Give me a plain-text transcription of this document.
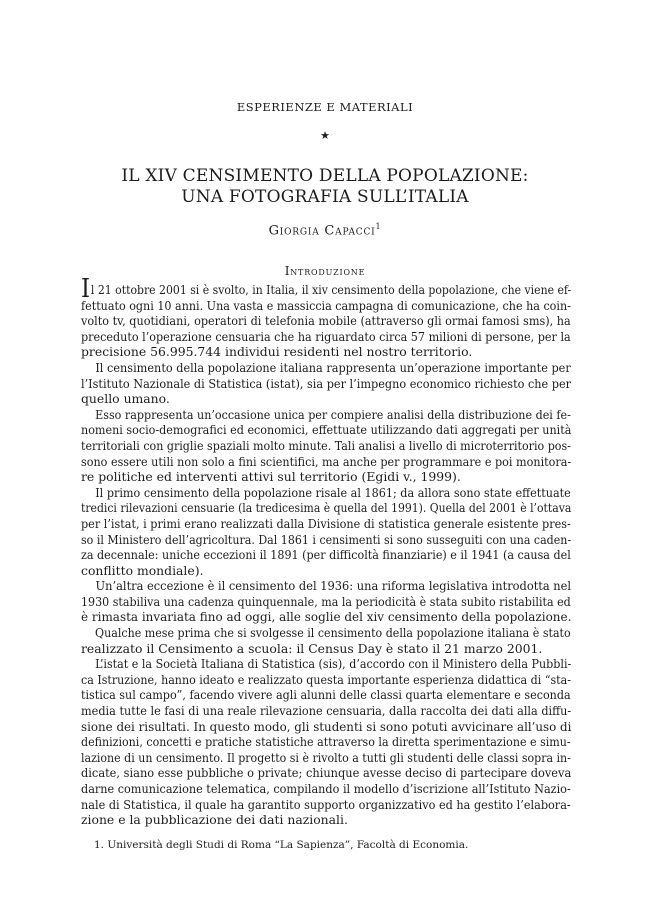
ESPERIENZE E MATERIALI
★
IL XIV CENSIMENTO DELLA POPOLAZIONE:
UNA FOTOGRAFIA SULL’ITALIA
Giorgia Capacci$^1$
Introduzione
Il 21 ottobre 2001 si è svolto, in Italia, il xiv censimento della popolazione, che viene ef-
fettuato ogni 10 anni. Una vasta e massiccia campagna di comunicazione, che ha coin-
volto tv, quotidiani, operatori di telefonia mobile (attraverso gli ormai famosi sms), ha
preceduto l’operazione censuaria che ha riguardato circa 57 milioni di persone, per la
precisione 56.995.744 individui residenti nel nostro territorio.
Il censimento della popolazione italiana rappresenta un’operazione importante per
l’Istituto Nazionale di Statistica (istat), sia per l’impegno economico richiesto che per
quello umano.
Esso rappresenta un’occasione unica per compiere analisi della distribuzione dei fe-
nomeni socio-demografici ed economici, effettuate utilizzando dati aggregati per unità
territoriali con griglie spaziali molto minute. Tali analisi a livello di microterritorio pos-
sono essere utili non solo a fini scientifici, ma anche per programmare e poi monitora-
re politiche ed interventi attivi sul territorio (Egidi v., 1999).
Il primo censimento della popolazione risale al 1861; da allora sono state effettuate
tredici rilevazioni censuarie (la tredicesima è quella del 1991). Quella del 2001 è l’ottava
per l’istat, i primi erano realizzati dalla Divisione di statistica generale esistente pres-
so il Ministero dell’agricoltura. Dal 1861 i censimenti si sono susseguiti con una caden-
za decennale: uniche eccezioni il 1891 (per difficoltà finanziarie) e il 1941 (a causa del
conflitto mondiale).
Un’altra eccezione è il censimento del 1936: una riforma legislativa introdotta nel
1930 stabiliva una cadenza quinquennale, ma la periodicità è stata subito ristabilita ed
è rimasta invariata fino ad oggi, alle soglie del xiv censimento della popolazione.
Qualche mese prima che si svolgesse il censimento della popolazione italiana è stato
realizzato il Censimento a scuola: il Census Day è stato il 21 marzo 2001.
L’istat e la Società Italiana di Statistica (sis), d’accordo con il Ministero della Pubbli-
ca Istruzione, hanno ideato e realizzato questa importante esperienza didattica di “sta-
tistica sul campo”, facendo vivere agli alunni delle classi quarta elementare e seconda
media tutte le fasi di una reale rilevazione censuaria, dalla raccolta dei dati alla diffu-
sione dei risultati. In questo modo, gli studenti si sono potuti avvicinare all’uso di
definizioni, concetti e pratiche statistiche attraverso la diretta sperimentazione e simu-
lazione di un censimento. Il progetto si è rivolto a tutti gli studenti delle classi sopra in-
dicate, siano esse pubbliche o private; chiunque avesse deciso di partecipare doveva
darne comunicazione telematica, compilando il modello d’iscrizione all’Istituto Nazio-
nale di Statistica, il quale ha garantito supporto organizzativo ed ha gestito l’elabora-
zione e la pubblicazione dei dati nazionali.
1. Università degli Studi di Roma “La Sapienza”, Facoltà di Economia.
